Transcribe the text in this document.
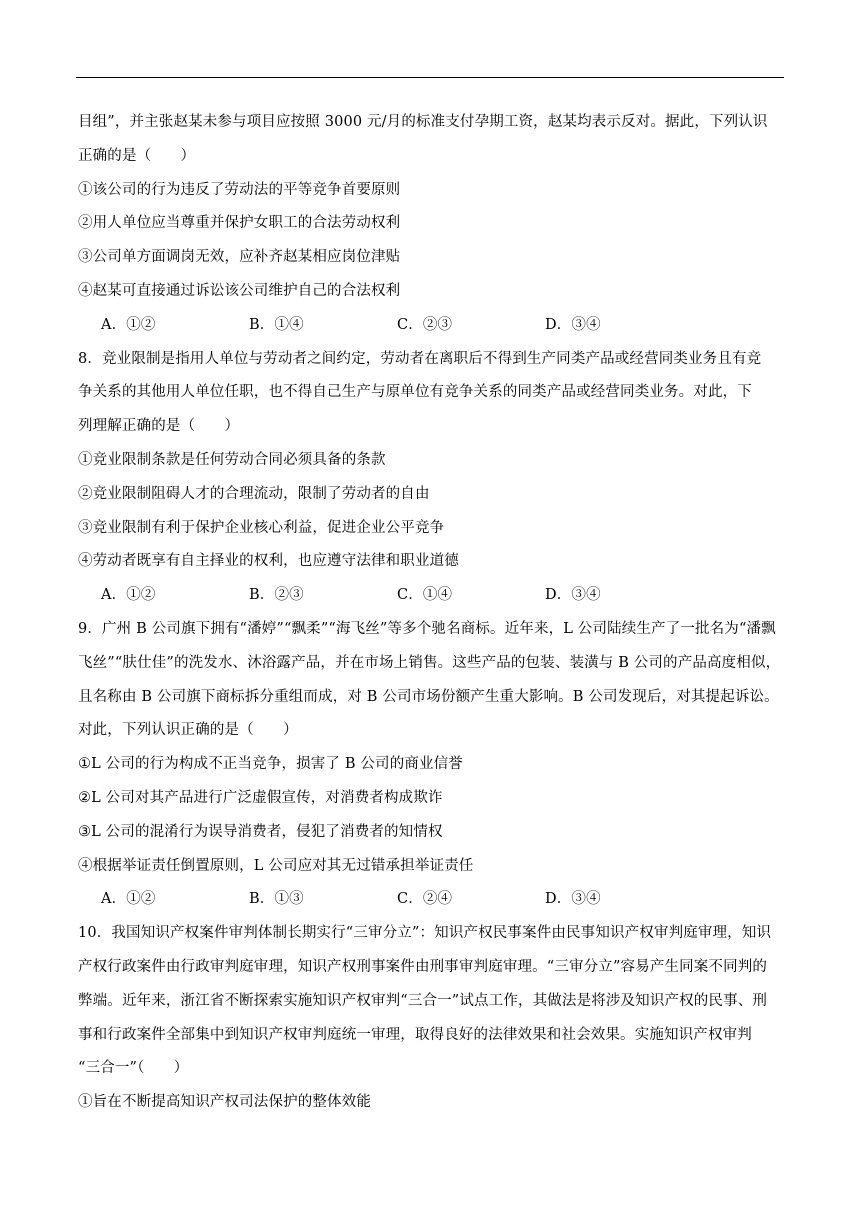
目组”，并主张赵某未参与项目应按照 3000 元/月的标准支付孕期工资，赵某均表示反对。据此，下列认识
正确的是（　　）
①该公司的行为违反了劳动法的平等竞争首要原则
②用人单位应当尊重并保护女职工的合法劳动权利
③公司单方面调岗无效，应补齐赵某相应岗位津贴
④赵某可直接通过诉讼该公司维护自己的合法权利
A．①②	B．①④	C．②③	D．③④
8．竞业限制是指用人单位与劳动者之间约定，劳动者在离职后不得到生产同类产品或经营同类业务且有竞
争关系的其他用人单位任职，也不得自己生产与原单位有竞争关系的同类产品或经营同类业务。对此，下
列理解正确的是（　　）
①竞业限制条款是任何劳动合同必须具备的条款
②竞业限制阻碍人才的合理流动，限制了劳动者的自由
③竞业限制有利于保护企业核心利益，促进企业公平竞争
④劳动者既享有自主择业的权利，也应遵守法律和职业道德
A．①②	B．②③	C．①④	D．③④
9．广州 B 公司旗下拥有“潘婷”“飘柔”“海飞丝”等多个驰名商标。近年来，L 公司陆续生产了一批名为“潘飘
飞丝”“肤仕佳”的洗发水、沐浴露产品，并在市场上销售。这些产品的包装、装潢与 B 公司的产品高度相似，
且名称由 B 公司旗下商标拆分重组而成，对 B 公司市场份额产生重大影响。B 公司发现后，对其提起诉讼。
对此，下列认识正确的是（　　）
①L 公司的行为构成不正当竞争，损害了 B 公司的商业信誉
②L 公司对其产品进行广泛虚假宣传，对消费者构成欺诈
③L 公司的混淆行为误导消费者，侵犯了消费者的知情权
④根据举证责任倒置原则，L 公司应对其无过错承担举证责任
A．①②	B．①③	C．②④	D．③④
10．我国知识产权案件审判体制长期实行“三审分立”：知识产权民事案件由民事知识产权审判庭审理，知识
产权行政案件由行政审判庭审理，知识产权刑事案件由刑事审判庭审理。“三审分立”容易产生同案不同判的
弊端。近年来，浙江省不断探索实施知识产权审判“三合一”试点工作，其做法是将涉及知识产权的民事、刑
事和行政案件全部集中到知识产权审判庭统一审理，取得良好的法律效果和社会效果。实施知识产权审判
“三合一”（　　）
①旨在不断提高知识产权司法保护的整体效能
